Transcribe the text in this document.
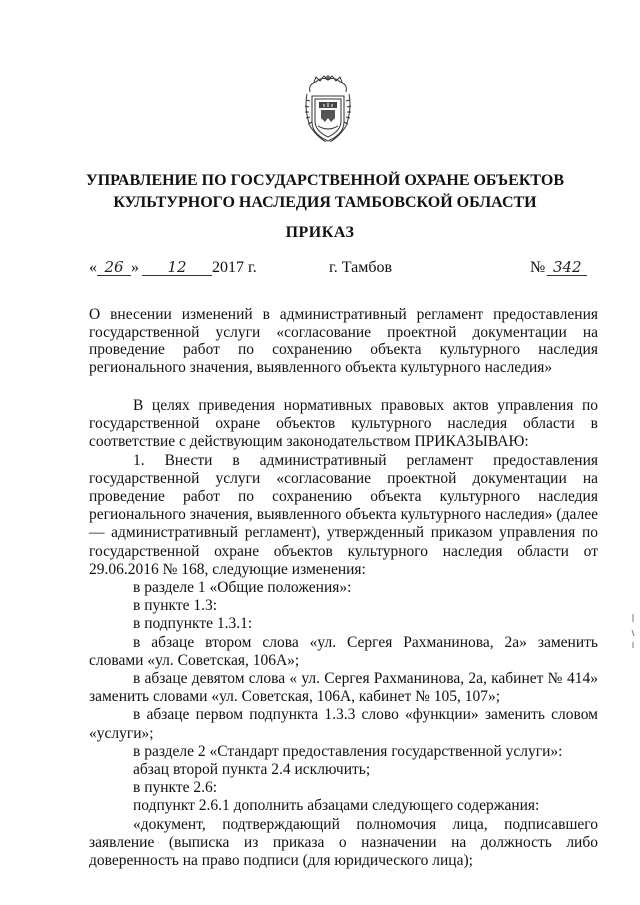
УПРАВЛЕНИЕ ПО ГОСУДАРСТВЕННОЙ ОХРАНЕ ОБЪЕКТОВ
КУЛЬТУРНОГО НАСЛЕДИЯ ТАМБОВСКОЙ ОБЛАСТИ
ПРИКАЗ
« 26 » 12 2017 г.	г. Тамбов	№ 342
О внесении изменений в административный регламент предоставления государственной услуги «согласование проектной документации на проведение работ по сохранению объекта культурного наследия регионального значения, выявленного объекта культурного наследия»

В целях приведения нормативных правовых актов управления по государственной охране объектов культурного наследия области в соответствие с действующим законодательством ПРИКАЗЫВАЮ:

1. Внести в административный регламент предоставления государственной услуги «согласование проектной документации на проведение работ по сохранению объекта культурного наследия регионального значения, выявленного объекта культурного наследия» (далее — административный регламент), утвержденный приказом управления по государственной охране объектов культурного наследия области от 29.06.2016 № 168, следующие изменения:

в разделе 1 «Общие положения»:

в пункте 1.3:

в подпункте 1.3.1:

в абзаце втором слова «ул. Сергея Рахманинова, 2а» заменить словами «ул. Советская, 106А»;

в абзаце девятом слова « ул. Сергея Рахманинова, 2а, кабинет № 414» заменить словами «ул. Советская, 106А, кабинет № 105, 107»;

в абзаце первом подпункта 1.3.3 слово «функции» заменить словом «услуги»;

в разделе 2 «Стандарт предоставления государственной услуги»:

абзац второй пункта 2.4 исключить;

в пункте 2.6:

подпункт 2.6.1 дополнить абзацами следующего содержания:

«документ, подтверждающий полномочия лица, подписавшего заявление (выписка из приказа о назначении на должность либо доверенность на право подписи (для юридического лица);
